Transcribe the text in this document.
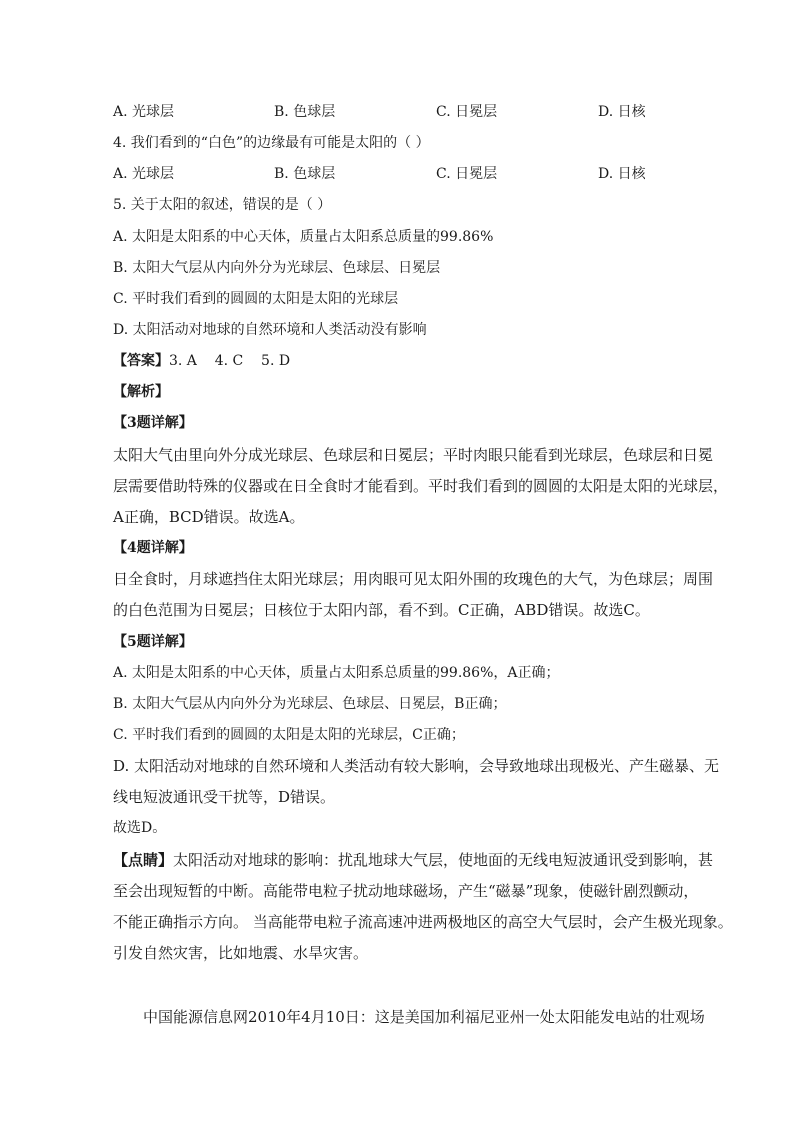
A. 光球层	B. 色球层	C. 日冕层	D. 日核
4. 我们看到的“白色”的边缘最有可能是太阳的（ ）
A. 光球层	B. 色球层	C. 日冕层	D. 日核
5. 关于太阳的叙述，错误的是（ ）
A. 太阳是太阳系的中心天体，质量占太阳系总质量的99.86%
B. 太阳大气层从内向外分为光球层、色球层、日冕层
C. 平时我们看到的圆圆的太阳是太阳的光球层
D. 太阳活动对地球的自然环境和人类活动没有影响
【答案】3. A    4. C    5. D
【解析】
【3题详解】
太阳大气由里向外分成光球层、色球层和日冕层；平时肉眼只能看到光球层，色球层和日冕
层需要借助特殊的仪器或在日全食时才能看到。平时我们看到的圆圆的太阳是太阳的光球层，
A正确，BCD错误。故选A。
【4题详解】
日全食时，月球遮挡住太阳光球层；用肉眼可见太阳外围的玫瑰色的大气，为色球层；周围
的白色范围为日冕层；日核位于太阳内部，看不到。C正确，ABD错误。故选C。
【5题详解】
A. 太阳是太阳系的中心天体，质量占太阳系总质量的99.86%，A正确；
B. 太阳大气层从内向外分为光球层、色球层、日冕层，B正确；
C. 平时我们看到的圆圆的太阳是太阳的光球层，C正确；
D. 太阳活动对地球的自然环境和人类活动有较大影响，会导致地球出现极光、产生磁暴、无
线电短波通讯受干扰等，D错误。
故选D。
【点睛】太阳活动对地球的影响：扰乱地球大气层，使地面的无线电短波通讯受到影响，甚
至会出现短暂的中断。高能带电粒子扰动地球磁场，产生“磁暴”现象，使磁针剧烈颤动，
不能正确指示方向。 当高能带电粒子流高速冲进两极地区的高空大气层时，会产生极光现象。
引发自然灾害，比如地震、水旱灾害。
中国能源信息网2010年4月10日：这是美国加利福尼亚州一处太阳能发电站的壮观场
